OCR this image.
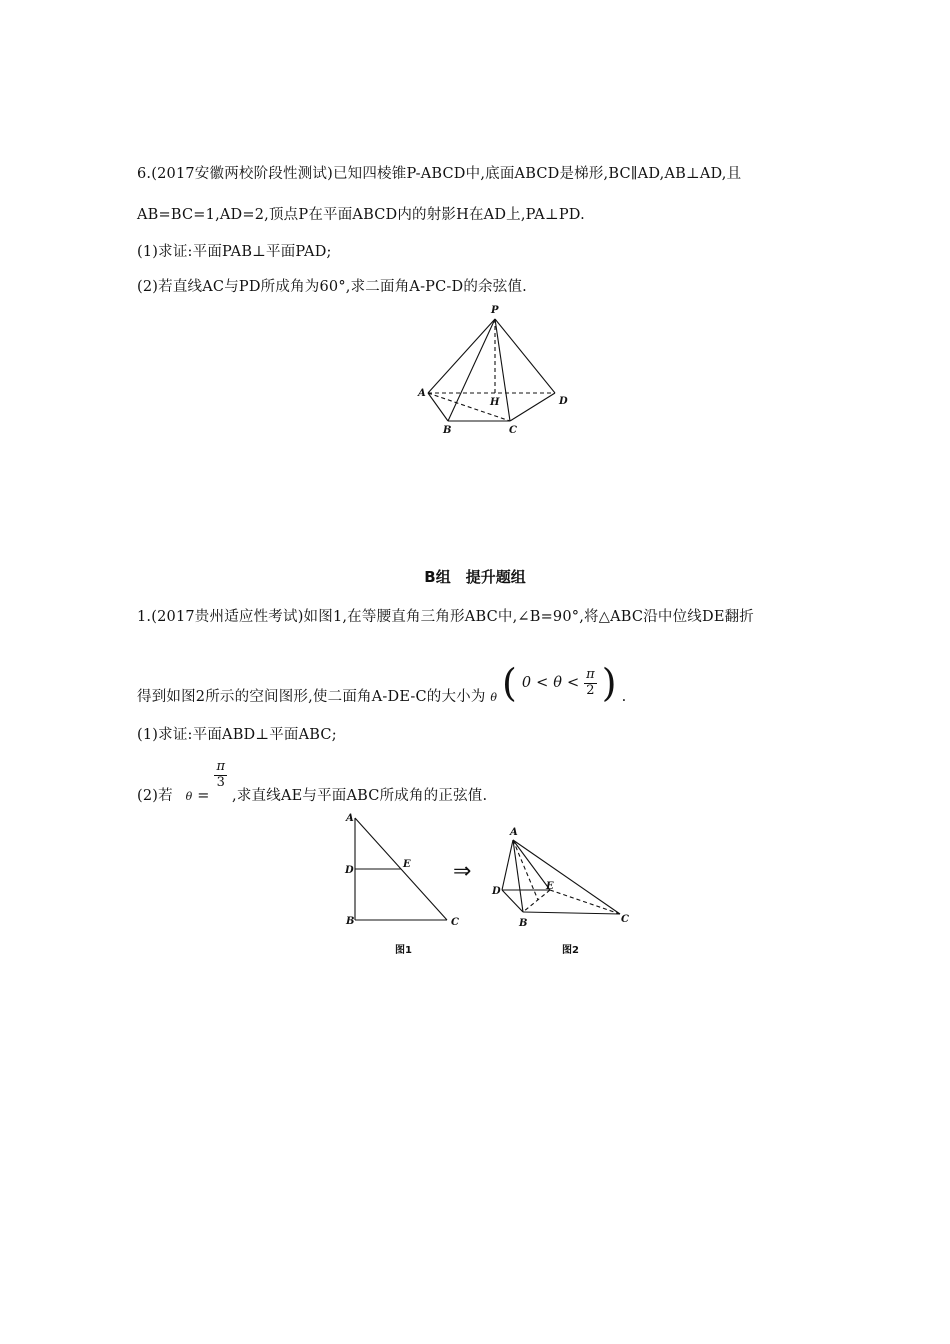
6.(2017安徽两校阶段性测试)已知四棱锥P-ABCD中,底面ABCD是梯形,BC∥AD,AB⊥AD,且
AB=BC=1,AD=2,顶点P在平面ABCD内的射影H在AD上,PA⊥PD.
(1)求证:平面PAB⊥平面PAD;
(2)若直线AC与PD所成角为60°,求二面角A-PC-D的余弦值.
P
A
H	D
B	C
B组　提升题组
1.(2017贵州适应性考试)如图1,在等腰直角三角形ABC中,∠B=90°,将△ABC沿中位线DE翻折
得到如图2所示的空间图形,使二面角A-DE-C的大小为 $_\theta$ ( $0 < \theta < \frac{\pi}{2}$ ) .
(1)求证:平面ABD⊥平面ABC;
(2)若 $_\theta$ =
$\frac{\pi}{3}$
,求直线AE与平面ABC所成角的正弦值.
A
D
E
B	C
图1
⇒
A
D	E
B	C
图2
